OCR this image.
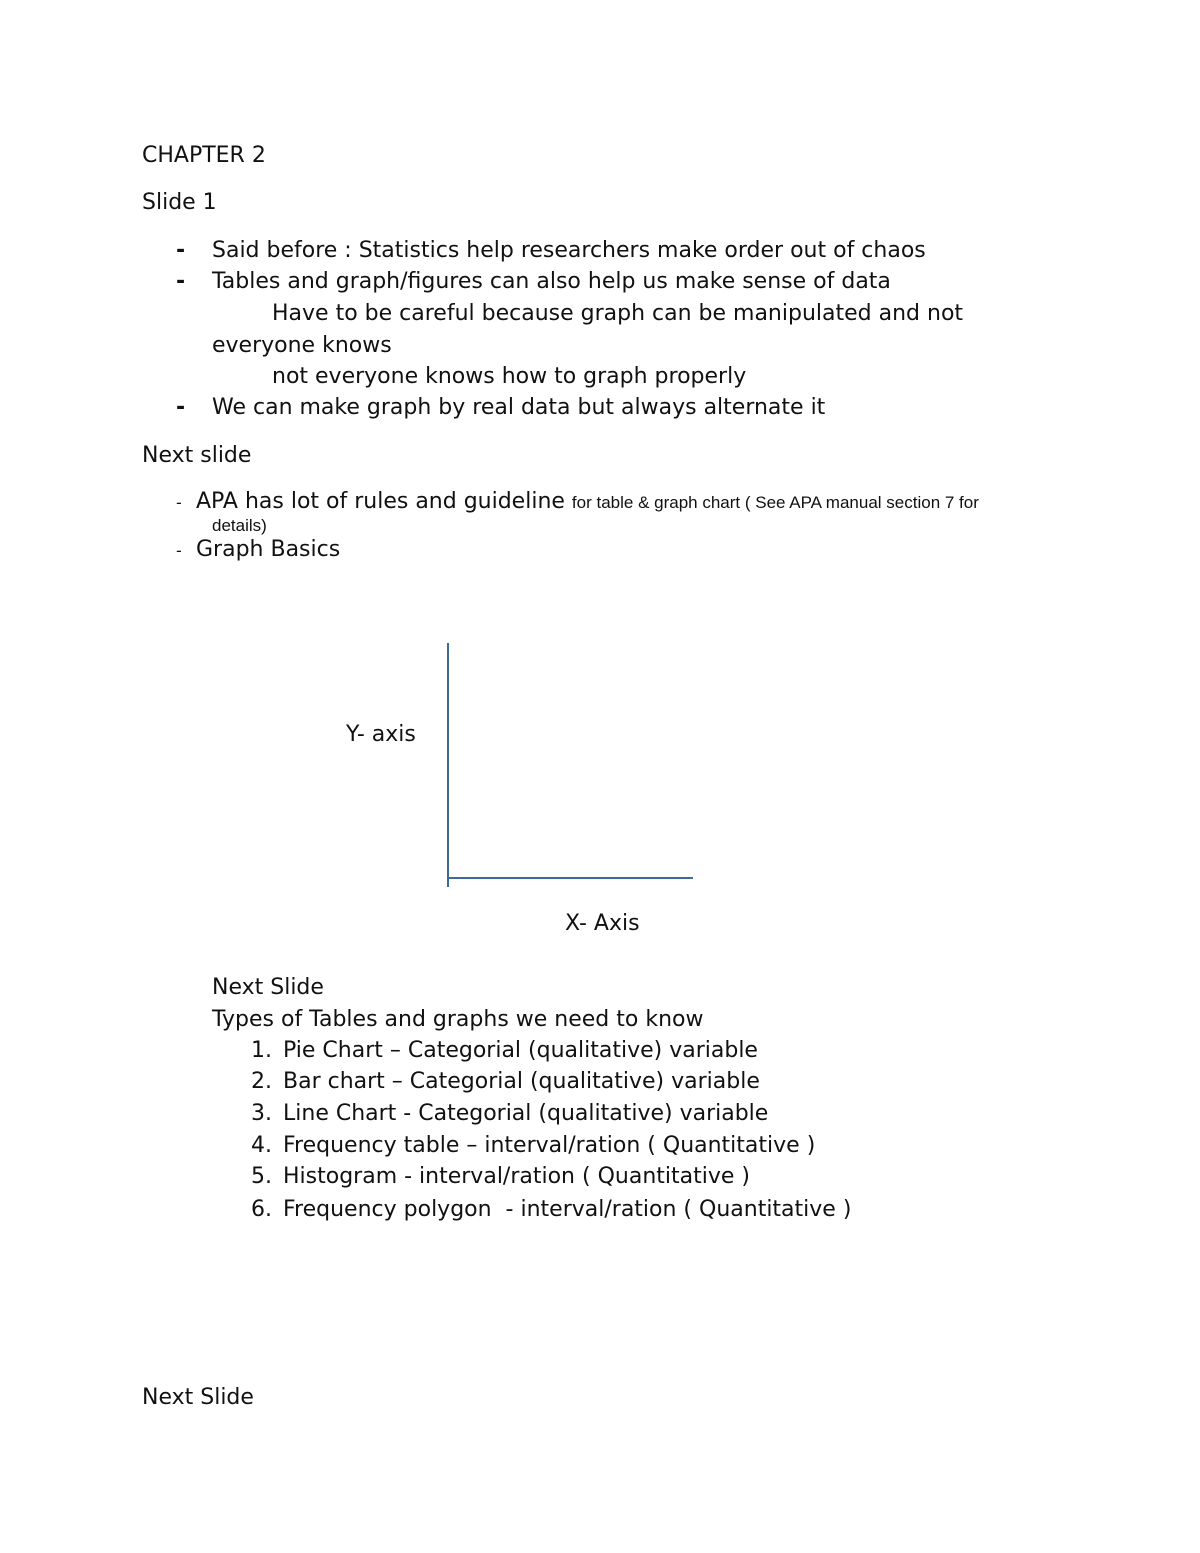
CHAPTER 2
Slide 1
- Said before : Statistics help researchers make order out of chaos
- Tables and graph/figures can also help us make sense of data
Have to be careful because graph can be manipulated and not
everyone knows
not everyone knows how to graph properly
- We can make graph by real data but always alternate it
Next slide
- APA has lot of rules and guideline for table & graph chart ( See APA manual section 7 for
details)
- Graph Basics
Y- axis
X- Axis
Next Slide
Types of Tables and graphs we need to know
1. Pie Chart – Categorial (qualitative) variable
2. Bar chart – Categorial (qualitative) variable
3. Line Chart - Categorial (qualitative) variable
4. Frequency table – interval/ration ( Quantitative )
5. Histogram - interval/ration ( Quantitative )
6. Frequency polygon  - interval/ration ( Quantitative )
Next Slide
